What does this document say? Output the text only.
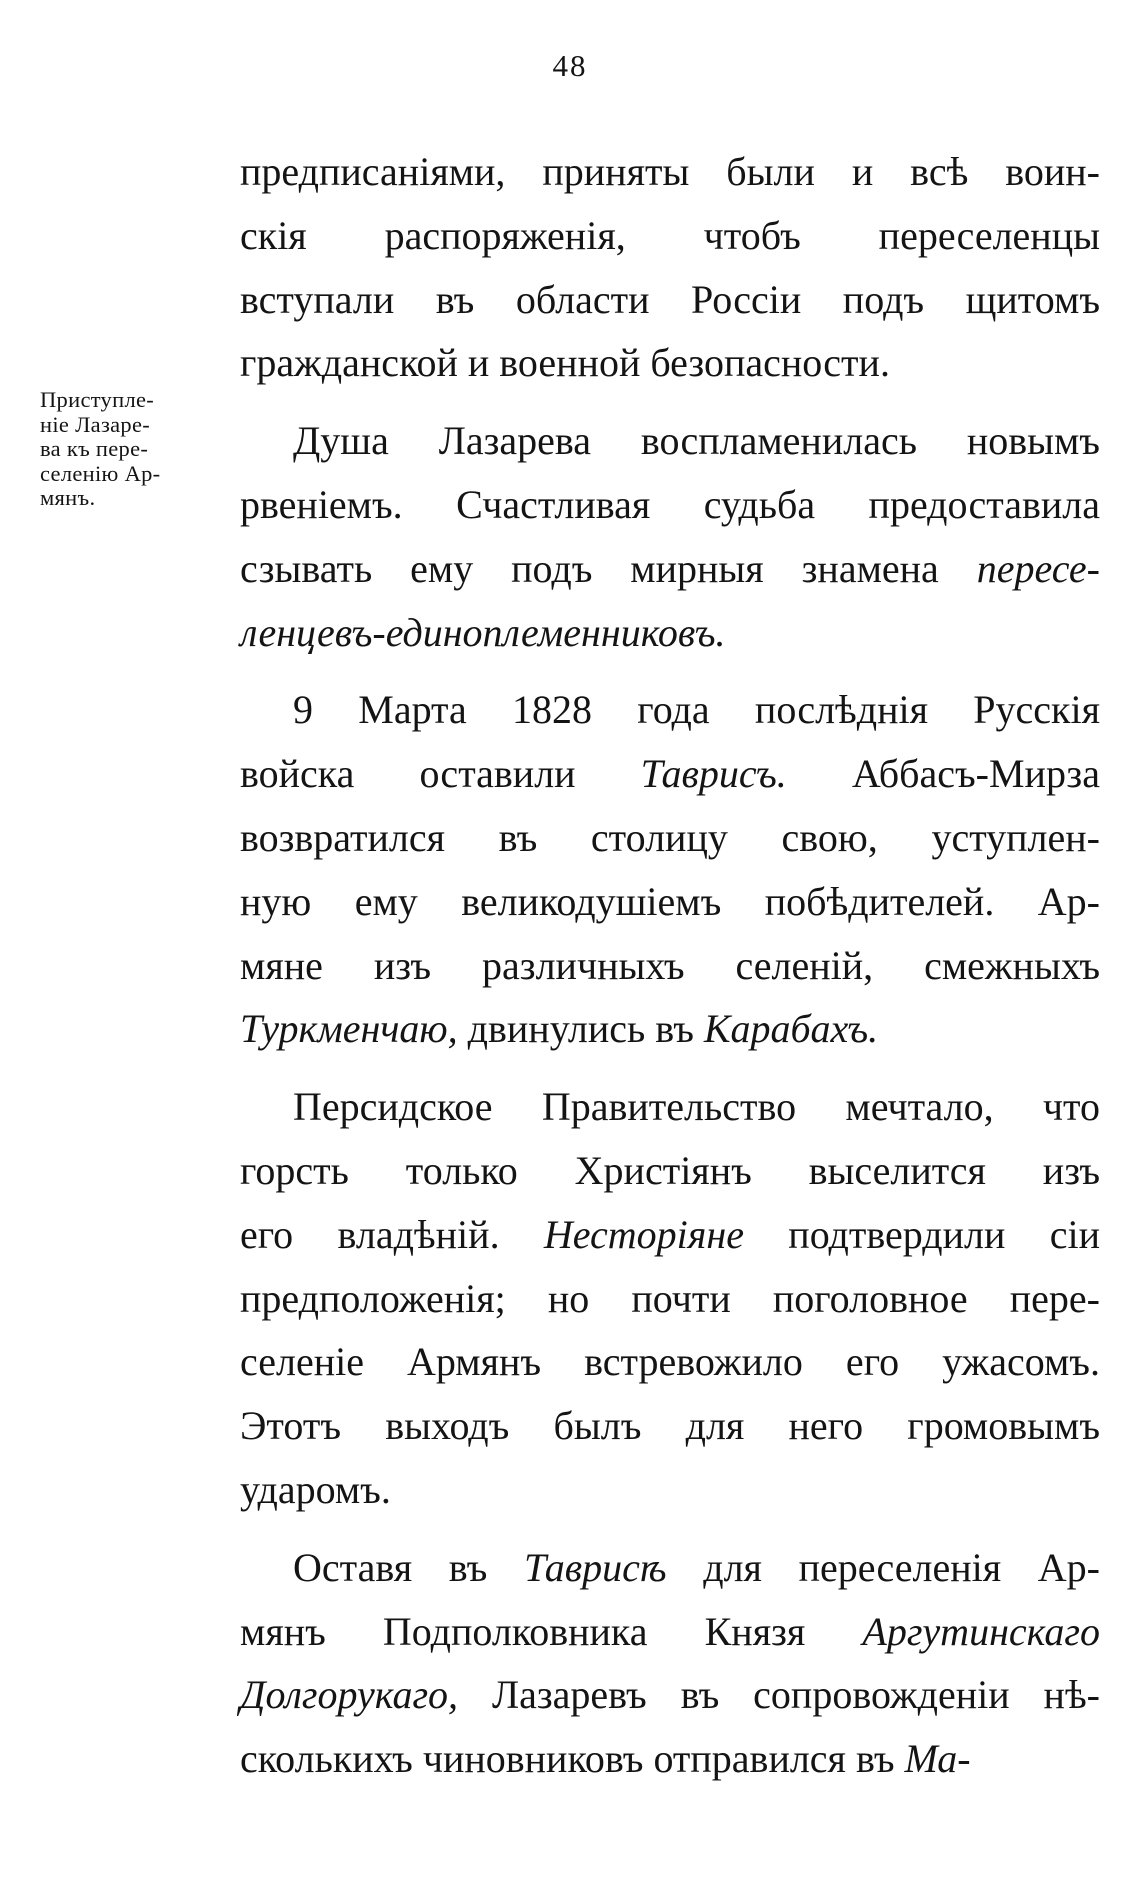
48
Приступле-
ніе Лазаре-
ва къ пере-
селенію Ар-
мянъ.
предписаніями, приняты были и всѣ воин-
скія распоряженія, чтобъ переселенцы
вступали въ области Россіи подъ щитомъ
гражданской и военной безопасности.
Душа Лазарева воспламенилась новымъ
рвеніемъ. Счастливая судьба предоставила
сзывать ему подъ мирныя знамена пересе-
ленцевъ-единоплеменниковъ.
9 Марта 1828 года послѣднія Русскія
войска оставили Таврисъ. Аббасъ-Мирза
возвратился въ столицу свою, уступлен-
ную ему великодушіемъ побѣдителей. Ар-
мяне изъ различныхъ селеній, смежныхъ
Туркменчаю, двинулись въ Карабахъ.
Персидское Правительство мечтало, что
горсть только Христіянъ выселится изъ
его владѣній. Несторіяне подтвердили сіи
предположенія; но почти поголовное пере-
селеніе Армянъ встревожило его ужасомъ.
Этотъ выходъ былъ для него громовымъ
ударомъ.
Оставя въ Таврисѣ для переселенія Ар-
мянъ Подполковника Князя Аргутинскаго
Долгорукаго, Лазаревъ въ сопровожденіи нѣ-
сколькихъ чиновниковъ отправился въ Ма-
